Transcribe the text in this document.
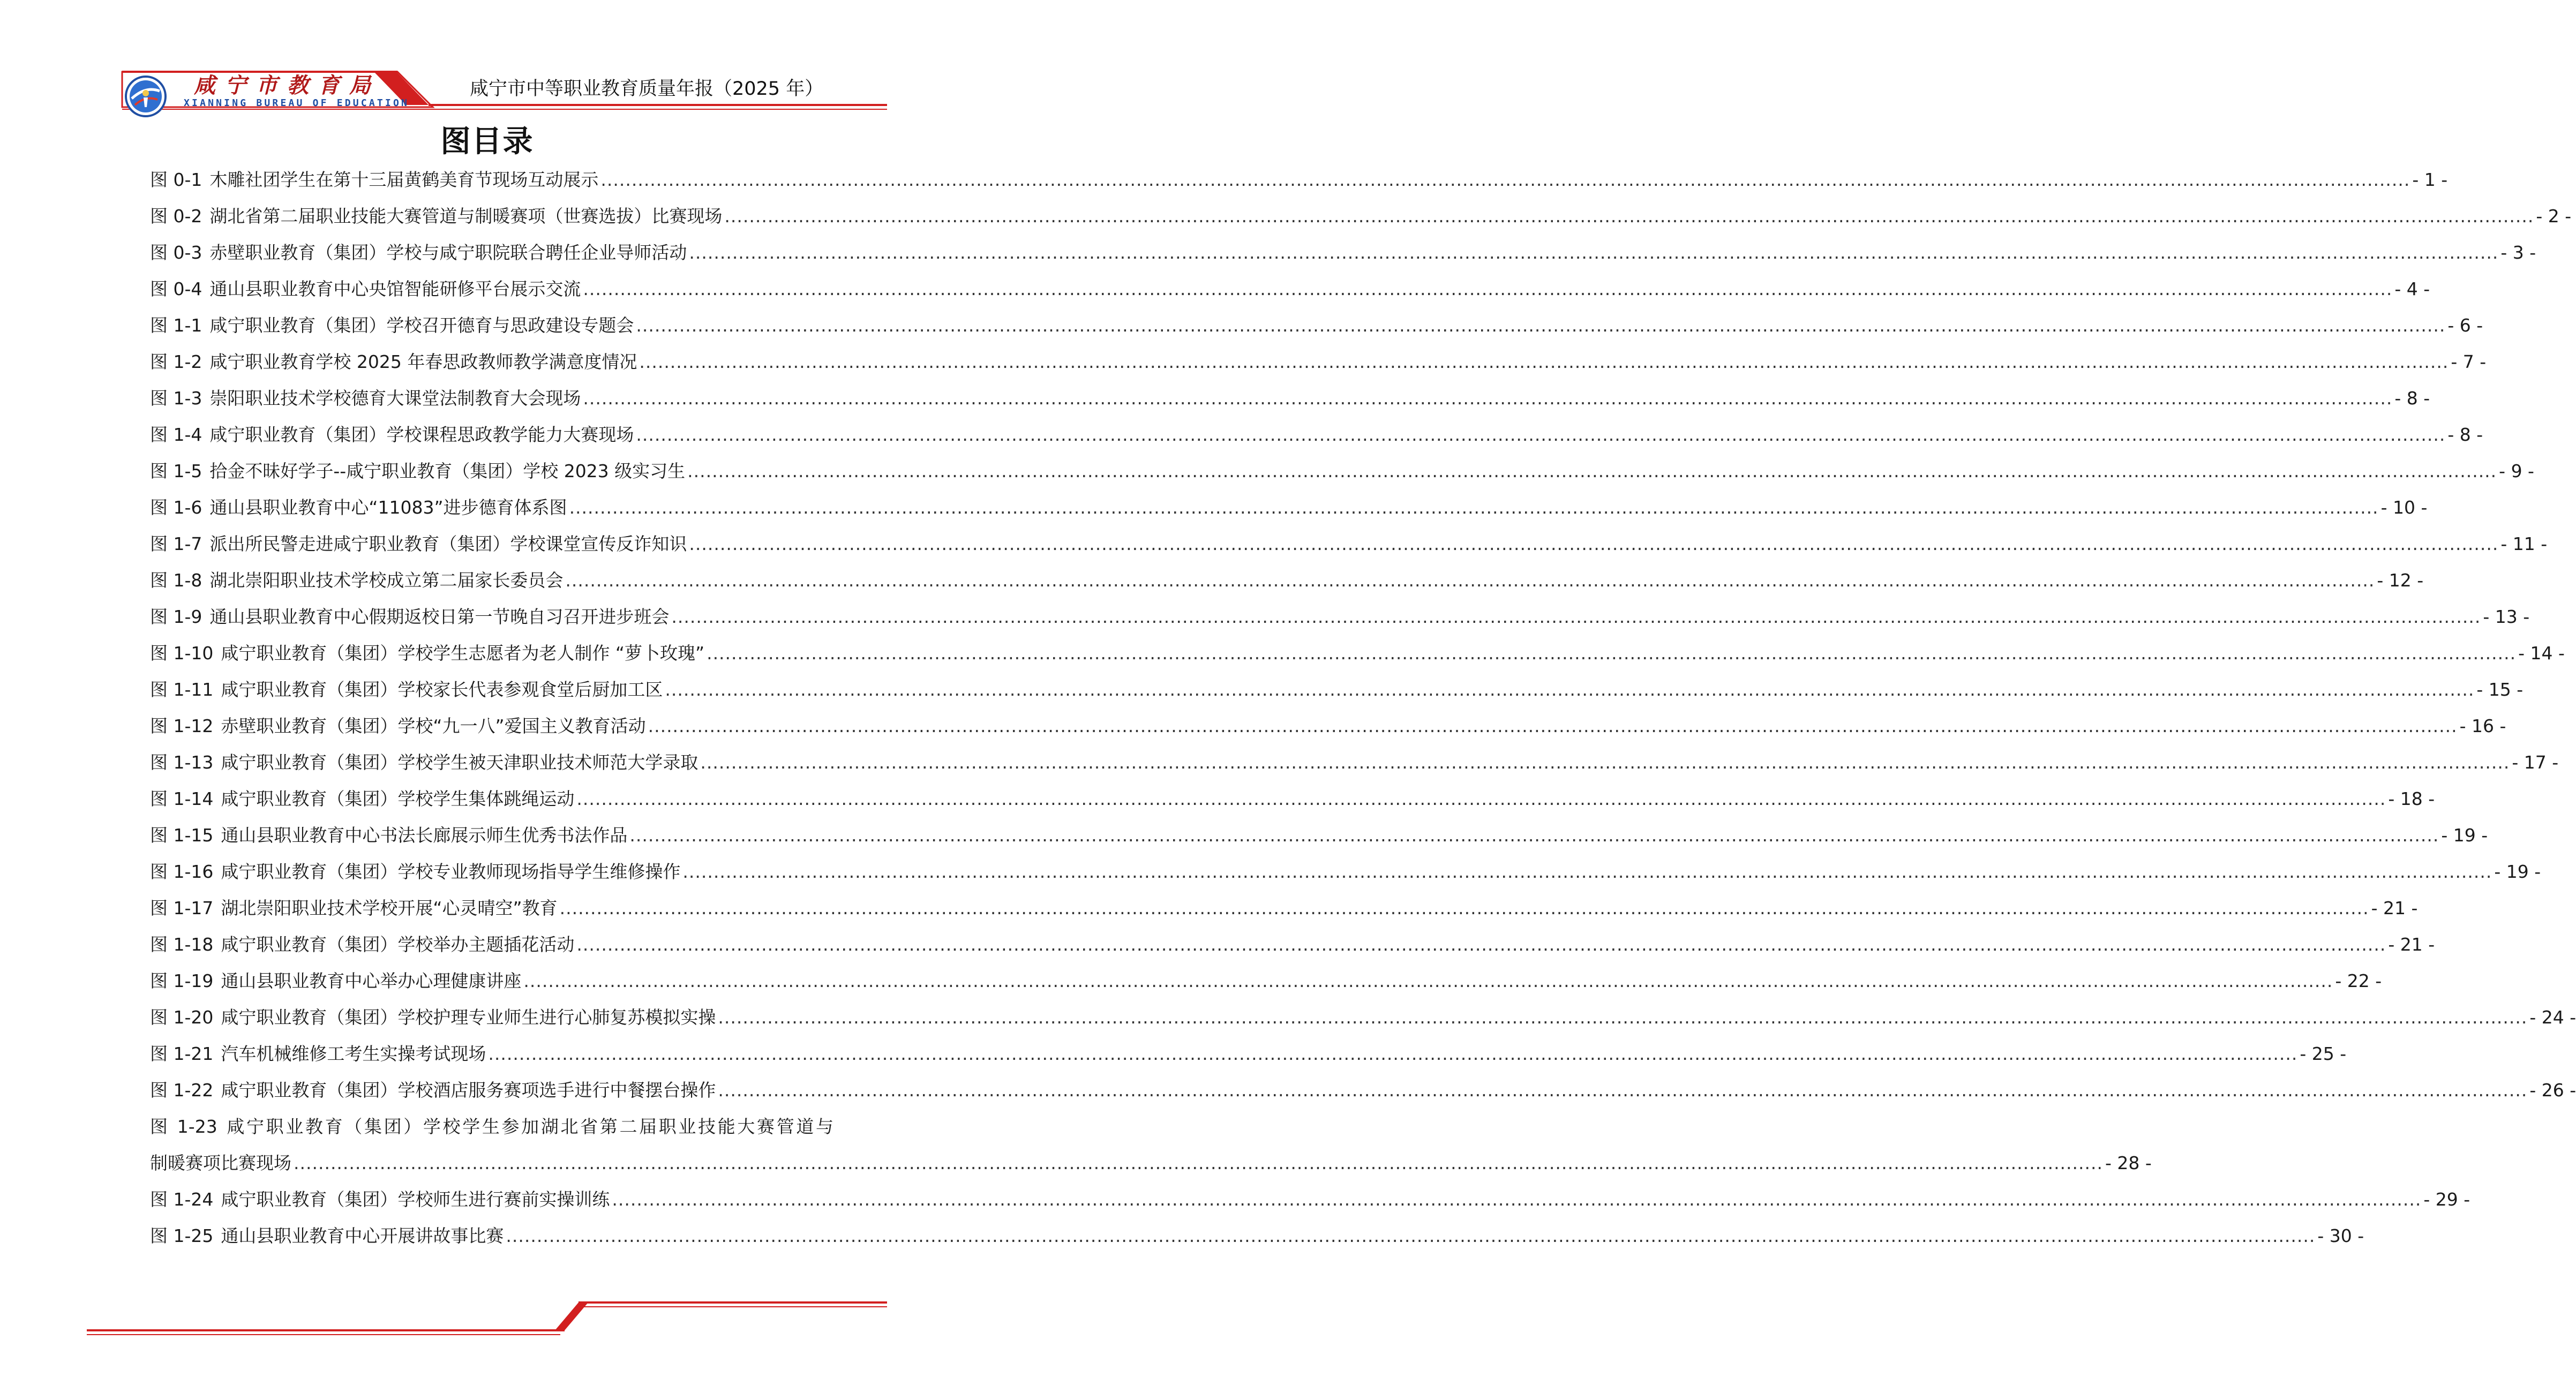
咸宁市教育局
XIANNING BUREAU OF EDUCATION
咸宁市中等职业教育质量年报（2025 年）
图目录
图 0-1 木雕社团学生在第十三届黄鹤美育节现场互动展示 .....	- 1 -
图 0-2 湖北省第二届职业技能大赛管道与制暖赛项（世赛选拔）比赛现场 .....	- 2 -
图 0-3 赤壁职业教育（集团）学校与咸宁职院联合聘任企业导师活动 .....	- 3 -
图 0-4 通山县职业教育中心央馆智能研修平台展示交流 .....	- 4 -
图 1-1 咸宁职业教育（集团）学校召开德育与思政建设专题会 .....	- 6 -
图 1-2 咸宁职业教育学校 2025 年春思政教师教学满意度情况 .....	- 7 -
图 1-3 崇阳职业技术学校德育大课堂法制教育大会现场 .....	- 8 -
图 1-4 咸宁职业教育（集团）学校课程思政教学能力大赛现场 .....	- 8 -
图 1-5 拾金不昧好学子--咸宁职业教育（集团）学校 2023 级实习生 .....	- 9 -
图 1-6 通山县职业教育中心“11083”进步德育体系图 .....	- 10 -
图 1-7 派出所民警走进咸宁职业教育（集团）学校课堂宣传反诈知识 .....	- 11 -
图 1-8 湖北崇阳职业技术学校成立第二届家长委员会 .....	- 12 -
图 1-9 通山县职业教育中心假期返校日第一节晚自习召开进步班会 .....	- 13 -
图 1-10 咸宁职业教育（集团）学校学生志愿者为老人制作 “萝卜玫瑰” .....	- 14 -
图 1-11 咸宁职业教育（集团）学校家长代表参观食堂后厨加工区 .....	- 15 -
图 1-12 赤壁职业教育（集团）学校“九一八”爱国主义教育活动 .....	- 16 -
图 1-13 咸宁职业教育（集团）学校学生被天津职业技术师范大学录取 .....	- 17 -
图 1-14 咸宁职业教育（集团）学校学生集体跳绳运动 .....	- 18 -
图 1-15 通山县职业教育中心书法长廊展示师生优秀书法作品 .....	- 19 -
图 1-16 咸宁职业教育（集团）学校专业教师现场指导学生维修操作 .....	- 19 -
图 1-17 湖北崇阳职业技术学校开展“心灵晴空”教育 .....	- 21 -
图 1-18 咸宁职业教育（集团）学校举办主题插花活动 .....	- 21 -
图 1-19 通山县职业教育中心举办心理健康讲座 .....	- 22 -
图 1-20 咸宁职业教育（集团）学校护理专业师生进行心肺复苏模拟实操 .....	- 24 -
图 1-21 汽车机械维修工考生实操考试现场 .....	- 25 -
图 1-22 咸宁职业教育（集团）学校酒店服务赛项选手进行中餐摆台操作 .....	- 26 -
图 1-23 咸宁职业教育（集团）学校学生参加湖北省第二届职业技能大赛管道与
制暖赛项比赛现场 .....	- 28 -
图 1-24 咸宁职业教育（集团）学校师生进行赛前实操训练 .....	- 29 -
图 1-25 通山县职业教育中心开展讲故事比赛 .....	- 30 -
